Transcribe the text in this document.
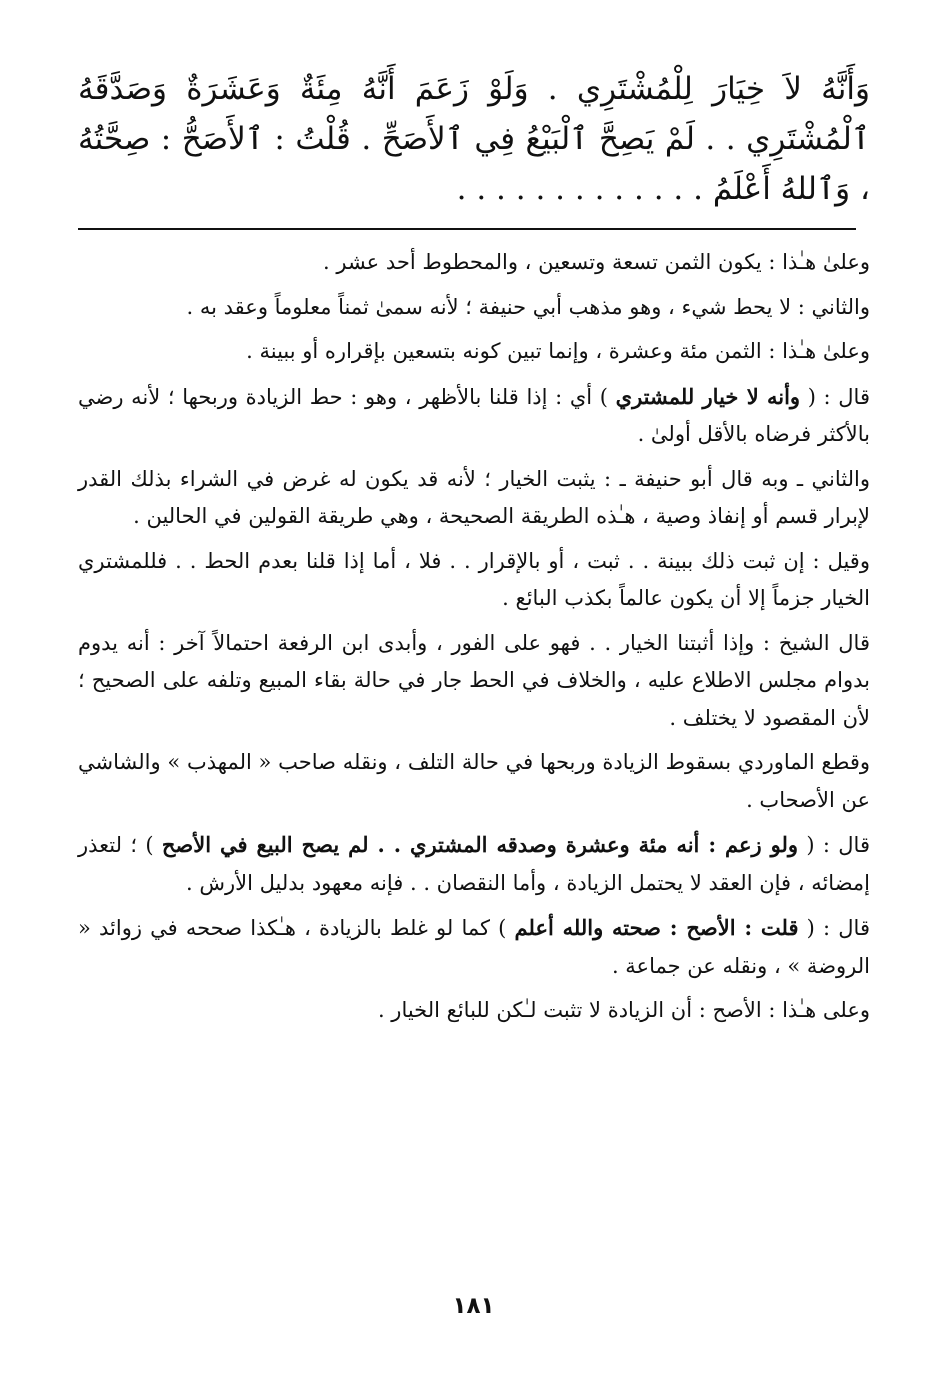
وَأَنَّهُ لاَ خِيَارَ لِلْمُشْتَرِي . وَلَوْ زَعَمَ أَنَّهُ مِئَةٌ وَعَشَرَةٌ وَصَدَّقَهُ ٱلْمُشْتَرِي . . لَمْ يَصِحَّ ٱلْبَيْعُ فِي ٱلأَصَحِّ . قُلْتُ : ٱلأَصَحُّ : صِحَّتُهُ ، وَٱللهُ أَعْلَمُ . . . . . . . . . . . . .

وعلىٰ هـٰذا : يكون الثمن تسعة وتسعين ، والمحطوط أحد عشر .

والثاني : لا يحط شيء ، وهو مذهب أبي حنيفة ؛ لأنه سمىٰ ثمناً معلوماً وعقد به .

وعلىٰ هـٰذا : الثمن مئة وعشرة ، وإنما تبين كونه بتسعين بإقراره أو ببينة .

قال : ( وأنه لا خيار للمشتري ) أي : إذا قلنا بالأظهر ، وهو : حط الزيادة وربحها ؛ لأنه رضي بالأكثر فرضاه بالأقل أولىٰ .

والثاني ـ وبه قال أبو حنيفة ـ : يثبت الخيار ؛ لأنه قد يكون له غرض في الشراء بذلك القدر لإبرار قسم أو إنفاذ وصية ، هـٰذه الطريقة الصحيحة ، وهي طريقة القولين في الحالين .

وقيل : إن ثبت ذلك ببينة . . ثبت ، أو بالإقرار . . فلا ، أما إذا قلنا بعدم الحط . . فللمشتري الخيار جزماً إلا أن يكون عالماً بكذب البائع .

قال الشيخ : وإذا أثبتنا الخيار . . فهو على الفور ، وأبدى ابن الرفعة احتمالاً آخر : أنه يدوم بدوام مجلس الاطلاع عليه ، والخلاف في الحط جار في حالة بقاء المبيع وتلفه على الصحيح ؛ لأن المقصود لا يختلف .

وقطع الماوردي بسقوط الزيادة وربحها في حالة التلف ، ونقله صاحب « المهذب » والشاشي عن الأصحاب .

قال : ( ولو زعم : أنه مئة وعشرة وصدقه المشتري . . لم يصح البيع في الأصح ) ؛ لتعذر إمضائه ، فإن العقد لا يحتمل الزيادة ، وأما النقصان . . فإنه معهود بدليل الأرش .

قال : ( قلت : الأصح : صحته والله أعلم ) كما لو غلط بالزيادة ، هـٰكذا صححه في زوائد « الروضة » ، ونقله عن جماعة .

وعلى هـٰذا : الأصح : أن الزيادة لا تثبت لـٰكن للبائع الخيار .

١٨١
